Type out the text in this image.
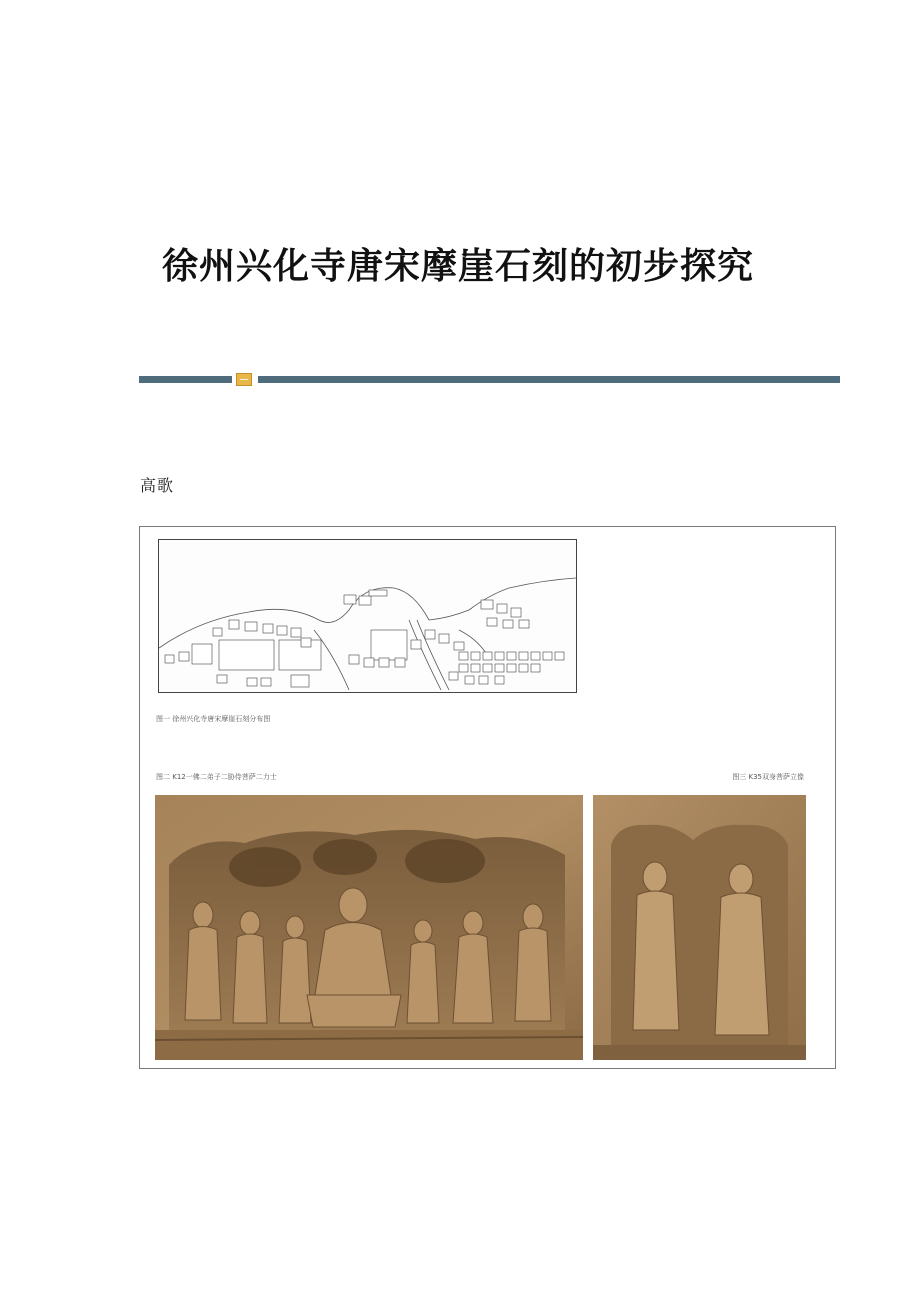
徐州兴化寺唐宋摩崖石刻的初步探究
高歌
图一 徐州兴化寺唐宋摩崖石刻分布图
图二 K12一佛二弟子二胁侍菩萨二力士	图三 K35双身菩萨立像
